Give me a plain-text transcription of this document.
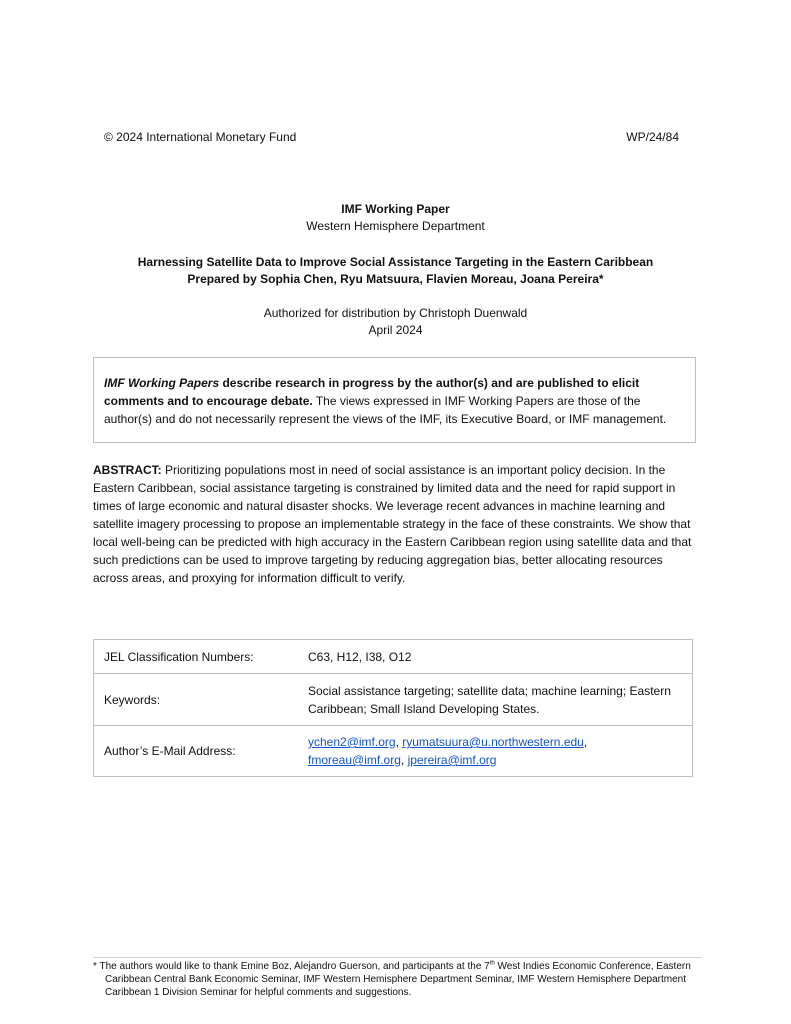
© 2024 International Monetary Fund	WP/24/84
IMF Working Paper
Western Hemisphere Department
Harnessing Satellite Data to Improve Social Assistance Targeting in the Eastern Caribbean
Prepared by Sophia Chen, Ryu Matsuura, Flavien Moreau, Joana Pereira*
Authorized for distribution by Christoph Duenwald
April 2024
IMF Working Papers describe research in progress by the author(s) and are published to elicit comments and to encourage debate. The views expressed in IMF Working Papers are those of the author(s) and do not necessarily represent the views of the IMF, its Executive Board, or IMF management.
ABSTRACT: Prioritizing populations most in need of social assistance is an important policy decision. In the Eastern Caribbean, social assistance targeting is constrained by limited data and the need for rapid support in times of large economic and natural disaster shocks. We leverage recent advances in machine learning and satellite imagery processing to propose an implementable strategy in the face of these constraints. We show that local well-being can be predicted with high accuracy in the Eastern Caribbean region using satellite data and that such predictions can be used to improve targeting by reducing aggregation bias, better allocating resources across areas, and proxying for information difficult to verify.
JEL Classification Numbers:	C63, H12, I38, O12
Keywords:	Social assistance targeting; satellite data; machine learning; Eastern Caribbean; Small Island Developing States.
Author’s E-Mail Address:	ychen2@imf.org, ryumatsuura@u.northwestern.edu,
fmoreau@imf.org, jpereira@imf.org
* The authors would like to thank Emine Boz, Alejandro Guerson, and participants at the 7th West Indies Economic Conference, Eastern Caribbean Central Bank Economic Seminar, IMF Western Hemisphere Department Seminar, IMF Western Hemisphere Department Caribbean 1 Division Seminar for helpful comments and suggestions.
